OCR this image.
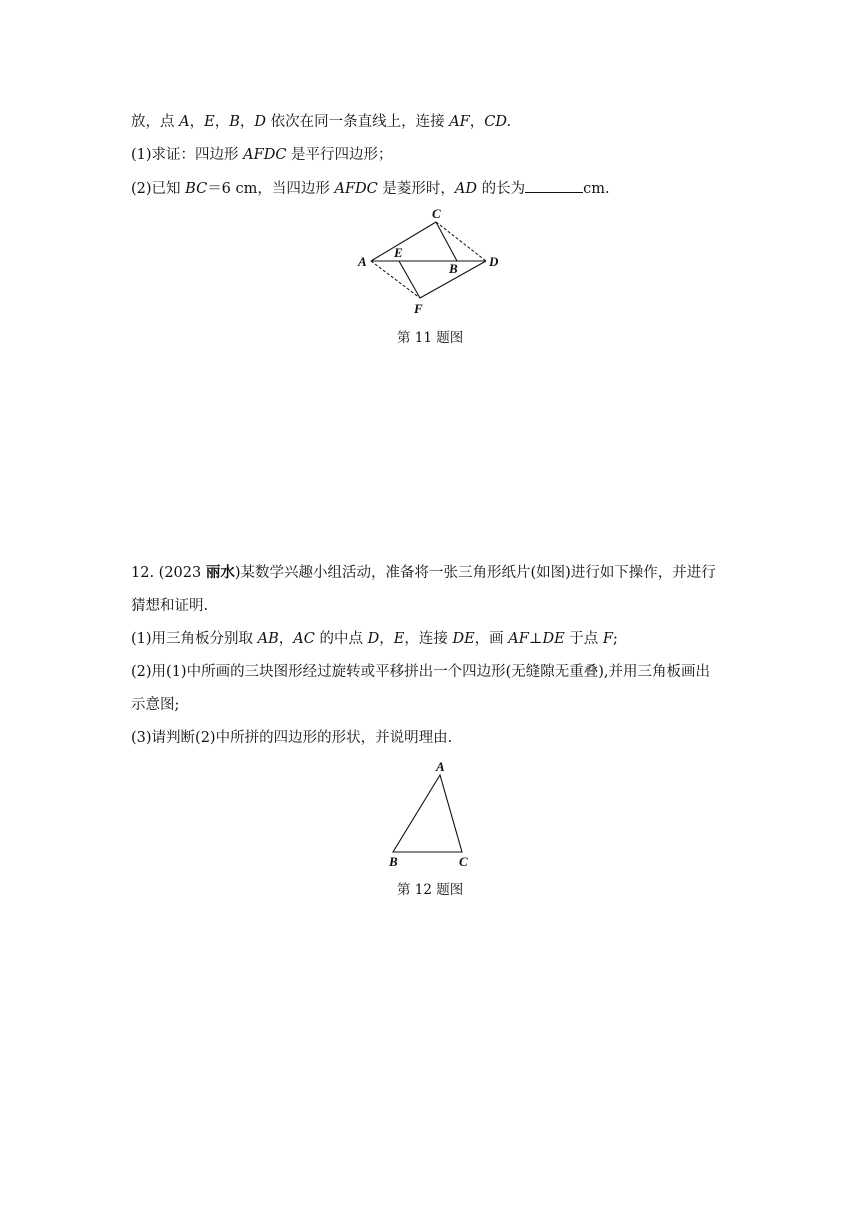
放，点 A，E，B，D 依次在同一条直线上，连接 AF，CD.
(1)求证：四边形 AFDC 是平行四边形；
(2)已知 BC＝6 cm，当四边形 AFDC 是菱形时，AD 的长为	cm.
A
E
B D
C
F
第 11 题图
12. (2023 丽水)某数学兴趣小组活动，准备将一张三角形纸片(如图)进行如下操作，并进行
猜想和证明.
(1)用三角板分别取 AB，AC 的中点 D，E，连接 DE，画 AF⊥DE 于点 F;
(2)用(1)中所画的三块图形经过旋转或平移拼出一个四边形(无缝隙无重叠),并用三角板画出
示意图;
(3)请判断(2)中所拼的四边形的形状，并说明理由.
A
B	C
第 12 题图
